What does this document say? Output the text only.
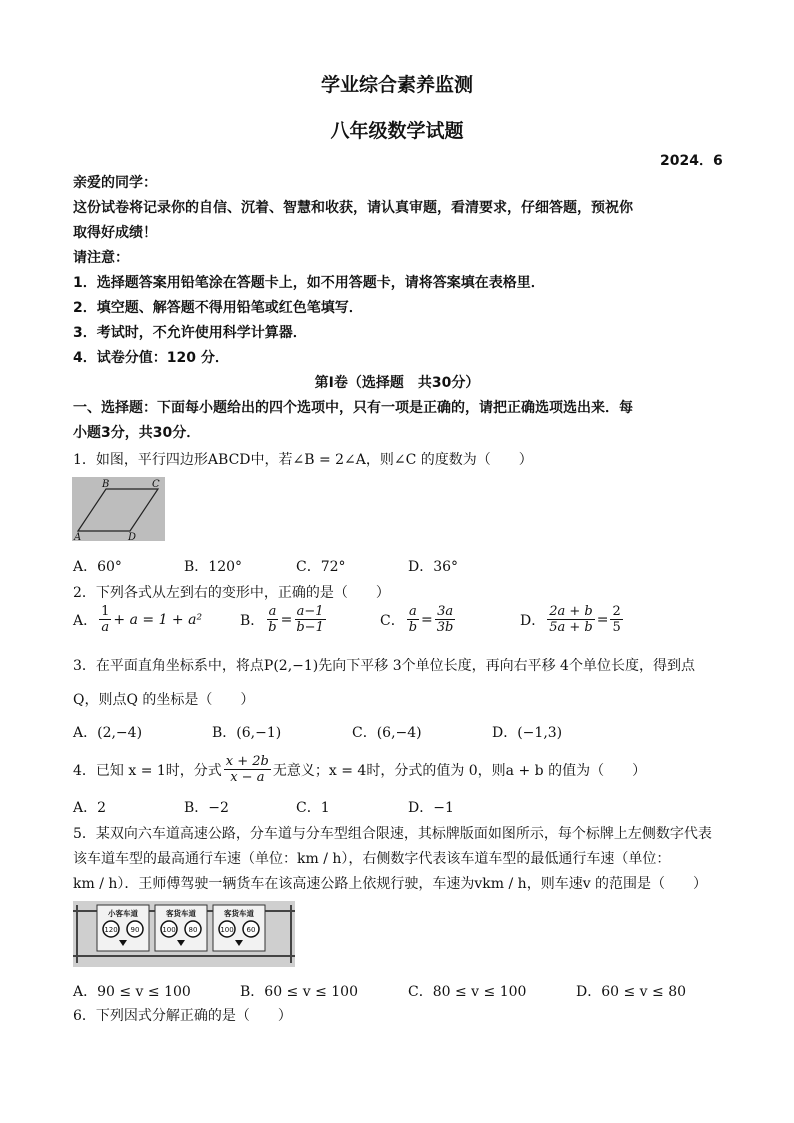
学业综合素养监测
八年级数学试题
2024．6
亲爱的同学：
这份试卷将记录你的自信、沉着、智慧和收获，请认真审题，看清要求，仔细答题，预祝你
取得好成绩！
请注意：
1．选择题答案用铅笔涂在答题卡上，如不用答题卡，请将答案填在表格里．
2．填空题、解答题不得用铅笔或红色笔填写．
3．考试时，不允许使用科学计算器．
4．试卷分值：120 分．
第Ⅰ卷（选择题　共30分）
一、选择题：下面每小题给出的四个选项中，只有一项是正确的，请把正确选项选出来．每
小题3分，共30分．
1．如图，平行四边形ABCD中，若∠B = 2∠A，则∠C 的度数为（　　）
B	C
A	D
A．60°	B．120°	C．72°	D．36°
2．下列各式从左到右的变形中，正确的是（　　）
A． $\frac{1}{a} + a = 1 + a^2$	B． $\frac{a}{b} = \frac{a-1}{b-1}$	C． $\frac{a}{b} = \frac{3a}{3b}$	D． $\frac{2a + b}{5a + b} = \frac{2}{5}$
3．在平面直角坐标系中，将点P(2,−1)先向下平移 3个单位长度，再向右平移 4个单位长度，得到点
Q，则点Q 的坐标是（　　）
A．(2,−4)	B．(6,−1)	C．(6,−4)	D．(−1,3)
4．已知 x = 1时，分式 $\frac{x + 2b}{x - a}$ 无意义；x = 4时，分式的值为 0，则a + b 的值为（　　）
A．2	B．−2	C．1	D．−1
5．某双向六车道高速公路，分车道与分车型组合限速，其标牌版面如图所示，每个标牌上左侧数字代表
该车道车型的最高通行车速（单位：km / h），右侧数字代表该车道车型的最低通行车速（单位：
km / h）．王师傅驾驶一辆货车在该高速公路上依规行驶，车速为vkm / h，则车速v 的范围是（　　）
小客车道
120 90
客货车道
100 80
客货车道
100 60
A．90 ≤ v ≤ 100	B．60 ≤ v ≤ 100	C．80 ≤ v ≤ 100	D．60 ≤ v ≤ 80
6．下列因式分解正确的是（　　）
